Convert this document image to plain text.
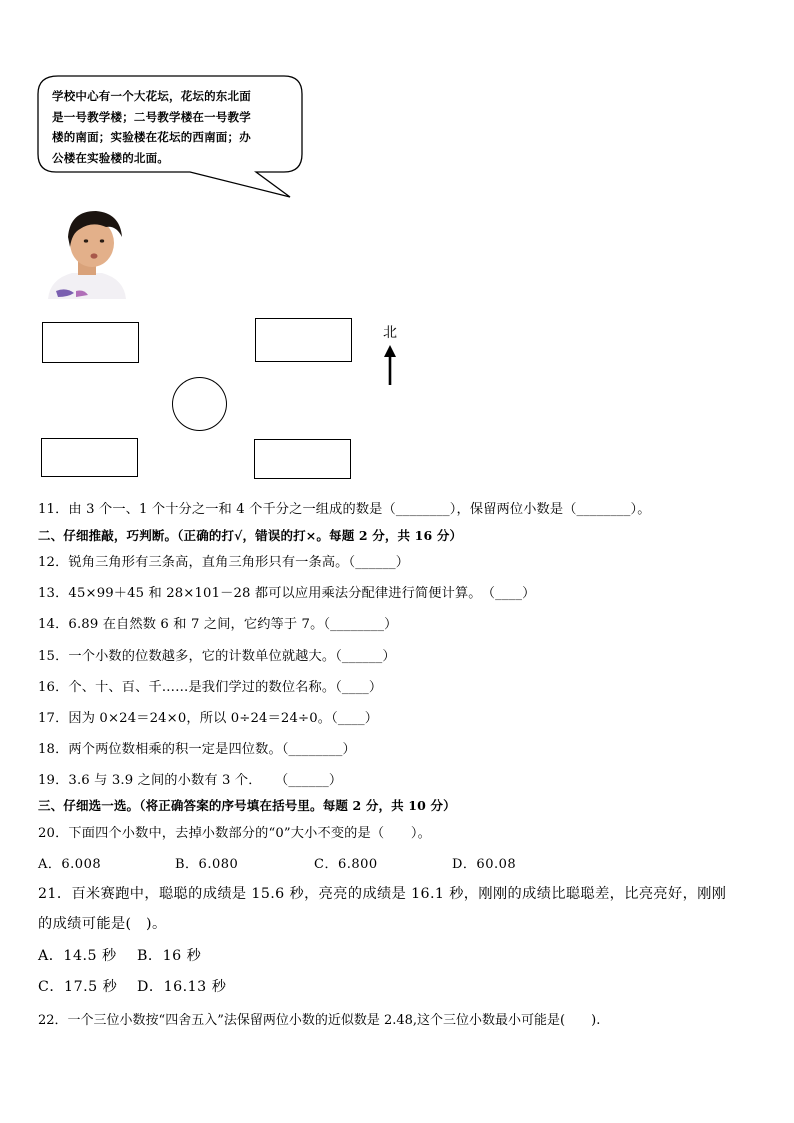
学校中心有一个大花坛，花坛的东北面
是一号教学楼；二号教学楼在一号教学
楼的南面；实验楼在花坛的西南面；办
公楼在实验楼的北面。
北
11．由 3 个一、1 个十分之一和 4 个千分之一组成的数是（________），保留两位小数是（________）。
二、仔细推敲，巧判断。（正确的打√，错误的打×。每题 2 分，共 16 分）
12．锐角三角形有三条高，直角三角形只有一条高。（______）
13．45×99＋45 和 28×101－28 都可以应用乘法分配律进行简便计算。　（____）
14．6.89 在自然数 6 和 7 之间，它约等于 7。（________）
15．一个小数的位数越多，它的计数单位就越大。（______）
16．个、十、百、千……是我们学过的数位名称。（____）
17．因为 0×24＝24×0，所以 0÷24＝24÷0。（____）
18．两个两位数相乘的积一定是四位数。（________）
19．3.6 与 3.9 之间的小数有 3 个．　　（______）
三、仔细选一选。（将正确答案的序号填在括号里。每题 2 分，共 10 分）
20．下面四个小数中，去掉小数部分的“0”大小不变的是（　　）。
A．6.008	B．6.080	C．6.800	D．60.08
21．百米赛跑中，聪聪的成绩是 15.6 秒，亮亮的成绩是 16.1 秒，刚刚的成绩比聪聪差，比亮亮好，刚刚
的成绩可能是(　)。
A．14.5 秒 B．16 秒
C．17.5 秒 D．16.13 秒
22．一个三位小数按“四舍五入”法保留两位小数的近似数是 2.48,这个三位小数最小可能是(　　).
